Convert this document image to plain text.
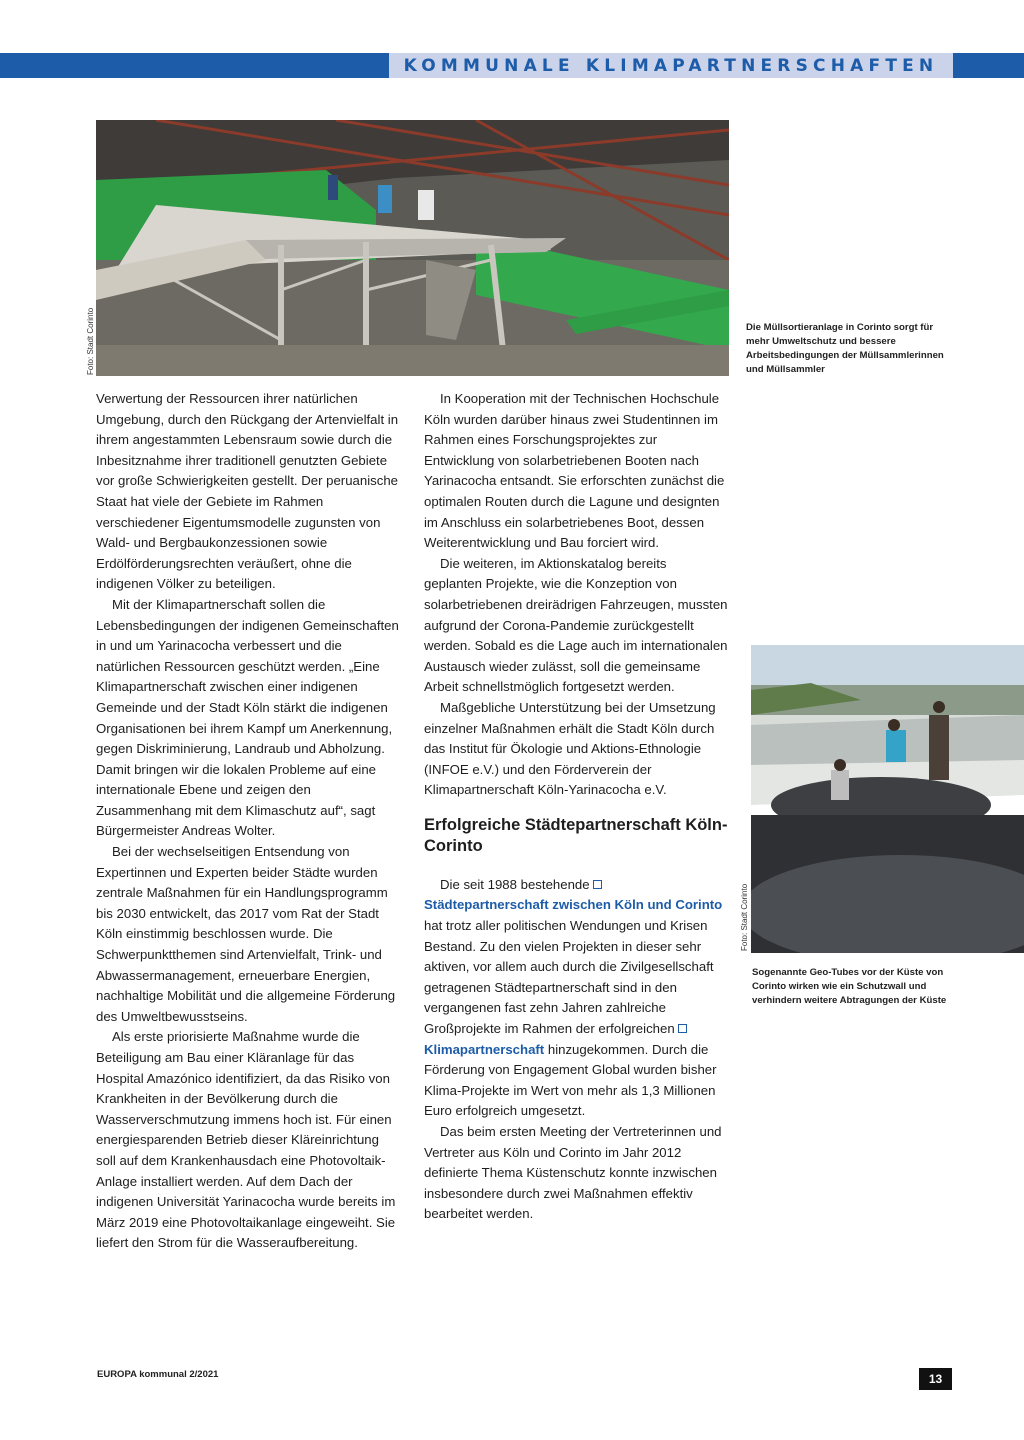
KOMMUNALE KLIMAPARTNERSCHAFTEN
Foto: Stadt Corinto	Die Müllsortieranlage in Corinto sorgt für mehr Umweltschutz und bessere Arbeitsbedingungen der Müllsammlerinnen und Müllsammler

Foto: Stadt Corinto

Sogenannte Geo-Tubes vor der Küste von Corinto wirken wie ein Schutzwall und verhindern weitere Abtragungen der Küste

Verwertung der Ressourcen ihrer natürlichen Umgebung, durch den Rückgang der Artenvielfalt in ihrem angestammten Lebensraum sowie durch die Inbesitznahme ihrer traditionell genutzten Gebiete vor große Schwierigkeiten gestellt. Der peruanische Staat hat viele der Gebiete im Rahmen verschiedener Eigentumsmodelle zugunsten von Wald- und Bergbaukonzessionen sowie Erdölförderungsrechten veräußert, ohne die indigenen Völker zu beteiligen.

Mit der Klimapartnerschaft sollen die Lebensbedingungen der indigenen Gemeinschaften in und um Yarinacocha verbessert und die natürlichen Ressourcen geschützt werden. „Eine Klimapartnerschaft zwischen einer indigenen Gemeinde und der Stadt Köln stärkt die indigenen Organisationen bei ihrem Kampf um Anerkennung, gegen Diskriminierung, Landraub und Abholzung. Damit bringen wir die lokalen Probleme auf eine internationale Ebene und zeigen den Zusammenhang mit dem Klimaschutz auf“, sagt Bürgermeister Andreas Wolter.

Bei der wechselseitigen Entsendung von Expertinnen und Experten beider Städte wurden zentrale Maßnahmen für ein Handlungsprogramm bis 2030 entwickelt, das 2017 vom Rat der Stadt Köln einstimmig beschlossen wurde. Die Schwerpunktthemen sind Artenvielfalt, Trink- und Abwassermanagement, erneuerbare Energien, nachhaltige Mobilität und die allgemeine Förderung des Umweltbewusstseins.

Als erste priorisierte Maßnahme wurde die Beteiligung am Bau einer Kläranlage für das Hospital Amazónico identifiziert, da das Risiko von Krankheiten in der Bevölkerung durch die Wasserverschmutzung immens hoch ist. Für einen energiesparenden Betrieb dieser Kläreinrichtung soll auf dem Krankenhausdach eine Photovoltaik-Anlage installiert werden. Auf dem Dach der indigenen Universität Yarinacocha wurde bereits im März 2019 eine Photovoltaikanlage eingeweiht. Sie liefert den Strom für die Wasseraufbereitung.

In Kooperation mit der Technischen Hochschule Köln wurden darüber hinaus zwei Studentinnen im Rahmen eines Forschungsprojektes zur Entwicklung von solarbetriebenen Booten nach Yarinacocha entsandt. Sie erforschten zunächst die optimalen Routen durch die Lagune und designten im Anschluss ein solarbetriebenes Boot, dessen Weiterentwicklung und Bau forciert wird.

Die weiteren, im Aktionskatalog bereits geplanten Projekte, wie die Konzeption von solarbetriebenen dreirädrigen Fahrzeugen, mussten aufgrund der Corona-Pandemie zurückgestellt werden. Sobald es die Lage auch im internationalen Austausch wieder zulässt, soll die gemeinsame Arbeit schnellstmöglich fortgesetzt werden.

Maßgebliche Unterstützung bei der Umsetzung einzelner Maßnahmen erhält die Stadt Köln durch das Institut für Ökologie und Aktions-Ethnologie (INFOE e.V.) und den Förderverein der Klimapartnerschaft Köln-Yarinacocha e.V.

Erfolgreiche Städtepartnerschaft Köln-Corinto

Die seit 1988 bestehende Städtepartnerschaft zwischen Köln und Corinto hat trotz aller politischen Wendungen und Krisen Bestand. Zu den vielen Projekten in dieser sehr aktiven, vor allem auch durch die Zivilgesellschaft getragenen Städtepartnerschaft sind in den vergangenen fast zehn Jahren zahlreiche Großprojekte im Rahmen der erfolgreichen Klimapartnerschaft hinzugekommen. Durch die Förderung von Engagement Global wurden bisher Klima-Projekte im Wert von mehr als 1,3 Millionen Euro erfolgreich umgesetzt.

Das beim ersten Meeting der Vertreterinnen und Vertreter aus Köln und Corinto im Jahr 2012 definierte Thema Küstenschutz konnte inzwischen insbesondere durch zwei Maßnahmen effektiv bearbeitet werden.

EUROPA kommunal 2/2021	13
